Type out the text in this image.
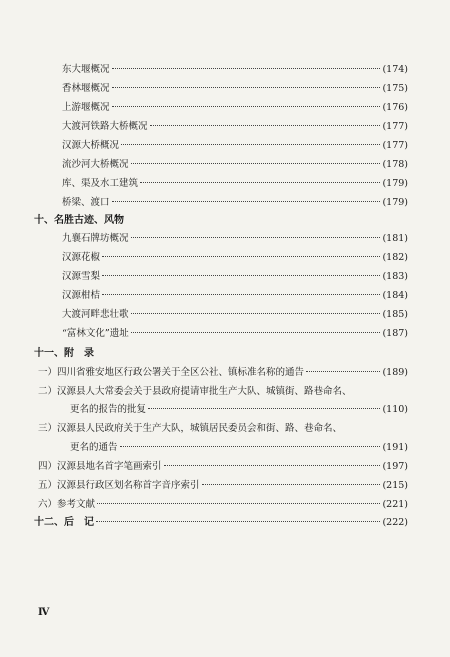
东大堰概况	(174)
香林堰概况	(175)
上游堰概况	(176)
大渡河铁路大桥概况	(177)
汉源大桥概况	(177)
流沙河大桥概况	(178)
库、渠及水工建筑	(179)
桥梁、渡口	(179)
十、名胜古迹、风物
九襄石牌坊概况	(181)
汉源花椒	(182)
汉源雪梨	(183)
汉源柑桔	(184)
大渡河畔悲壮歌	(185)
“富林文化”遗址	(187)
十一、附　录
一）四川省雅安地区行政公署关于全区公社、镇标准名称的通告	(189)
二）汉源县人大常委会关于县政府提请审批生产大队、城镇街、路巷命名、
更名的报告的批复	(110)
三）汉源县人民政府关于生产大队，城镇居民委员会和街、路、巷命名、
更名的通告	(191)
四）汉源县地名首字笔画索引	(197)
五）汉源县行政区划名称首字音序索引	(215)
六）参考文献	(221)
十二、后　记	(222)
Ⅳ
